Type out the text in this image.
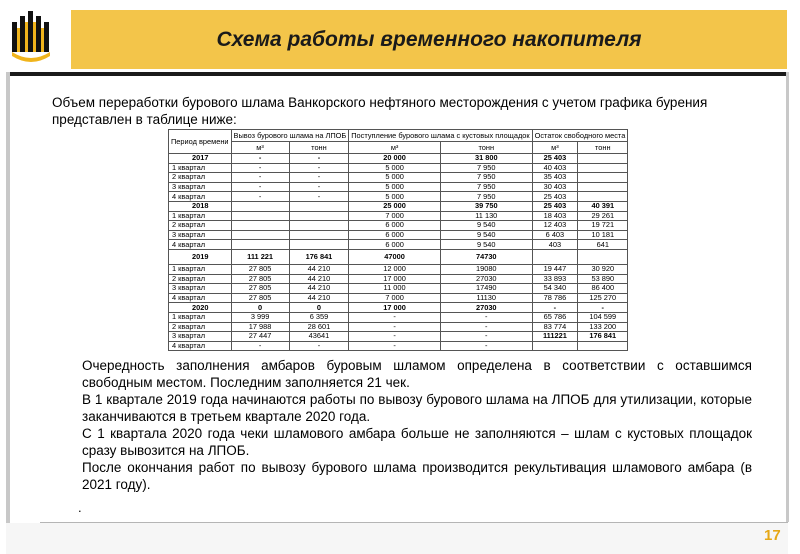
Схема работы временного накопителя
Объем переработки бурового шлама Ванкорского нефтяного месторождения с учетом графика бурения представлен в таблице ниже:
Период времени	Вывоз бурового шлама на ЛПОБ		Поступление бурового шлама с кустовых площадок		Остаток свободного места	
	м³	тонн	м³	тонн	м³	тонн
2017	-	-	20 000	31 800	25 403	
1 квартал	-	-	5 000	7 950	40 403	
2 квартал	-	-	5 000	7 950	35 403	
3 квартал	-	-	5 000	7 950	30 403	
4 квартал	-	-	5 000	7 950	25 403	
2018			25 000	39 750	25 403	40 391
1 квартал			7 000	11 130	18 403	29 261
2 квартал			6 000	9 540	12 403	19 721
3 квартал			6 000	9 540	6 403	10 181
4 квартал			6 000	9 540	403	641
2019	111 221	176 841	47000	74730		
1 квартал	27 805	44 210	12 000	19080	19 447	30 920
2 квартал	27 805	44 210	17 000	27030	33 893	53 890
3 квартал	27 805	44 210	11 000	17490	54 340	86 400
4 квартал	27 805	44 210	7 000	11130	78 786	125 270
2020	0	0	17 000	27030	-	-
1 квартал	3 999	6 359	-	-	65 786	104 599
2 квартал	17 988	28 601	-	-	83 774	133 200
3 квартал	27 447	43641	-	-	111221	176 841
4 квартал	-	-	-	-		

Очередность заполнения амбаров буровым шламом определена в соответствии с оставшимся свободным местом. Последним заполняется 21 чек.

В 1 квартале 2019 года начинаются работы по вывозу бурового шлама на ЛПОБ для утилизации, которые заканчиваются в третьем квартале 2020 года.

С 1 квартала 2020 года чеки шламового амбара больше не заполняются – шлам с кустовых площадок сразу вывозится на ЛПОБ.

После окончания работ по вывозу бурового шлама производится рекультивация шламового амбара (в 2021 году).

.
17
